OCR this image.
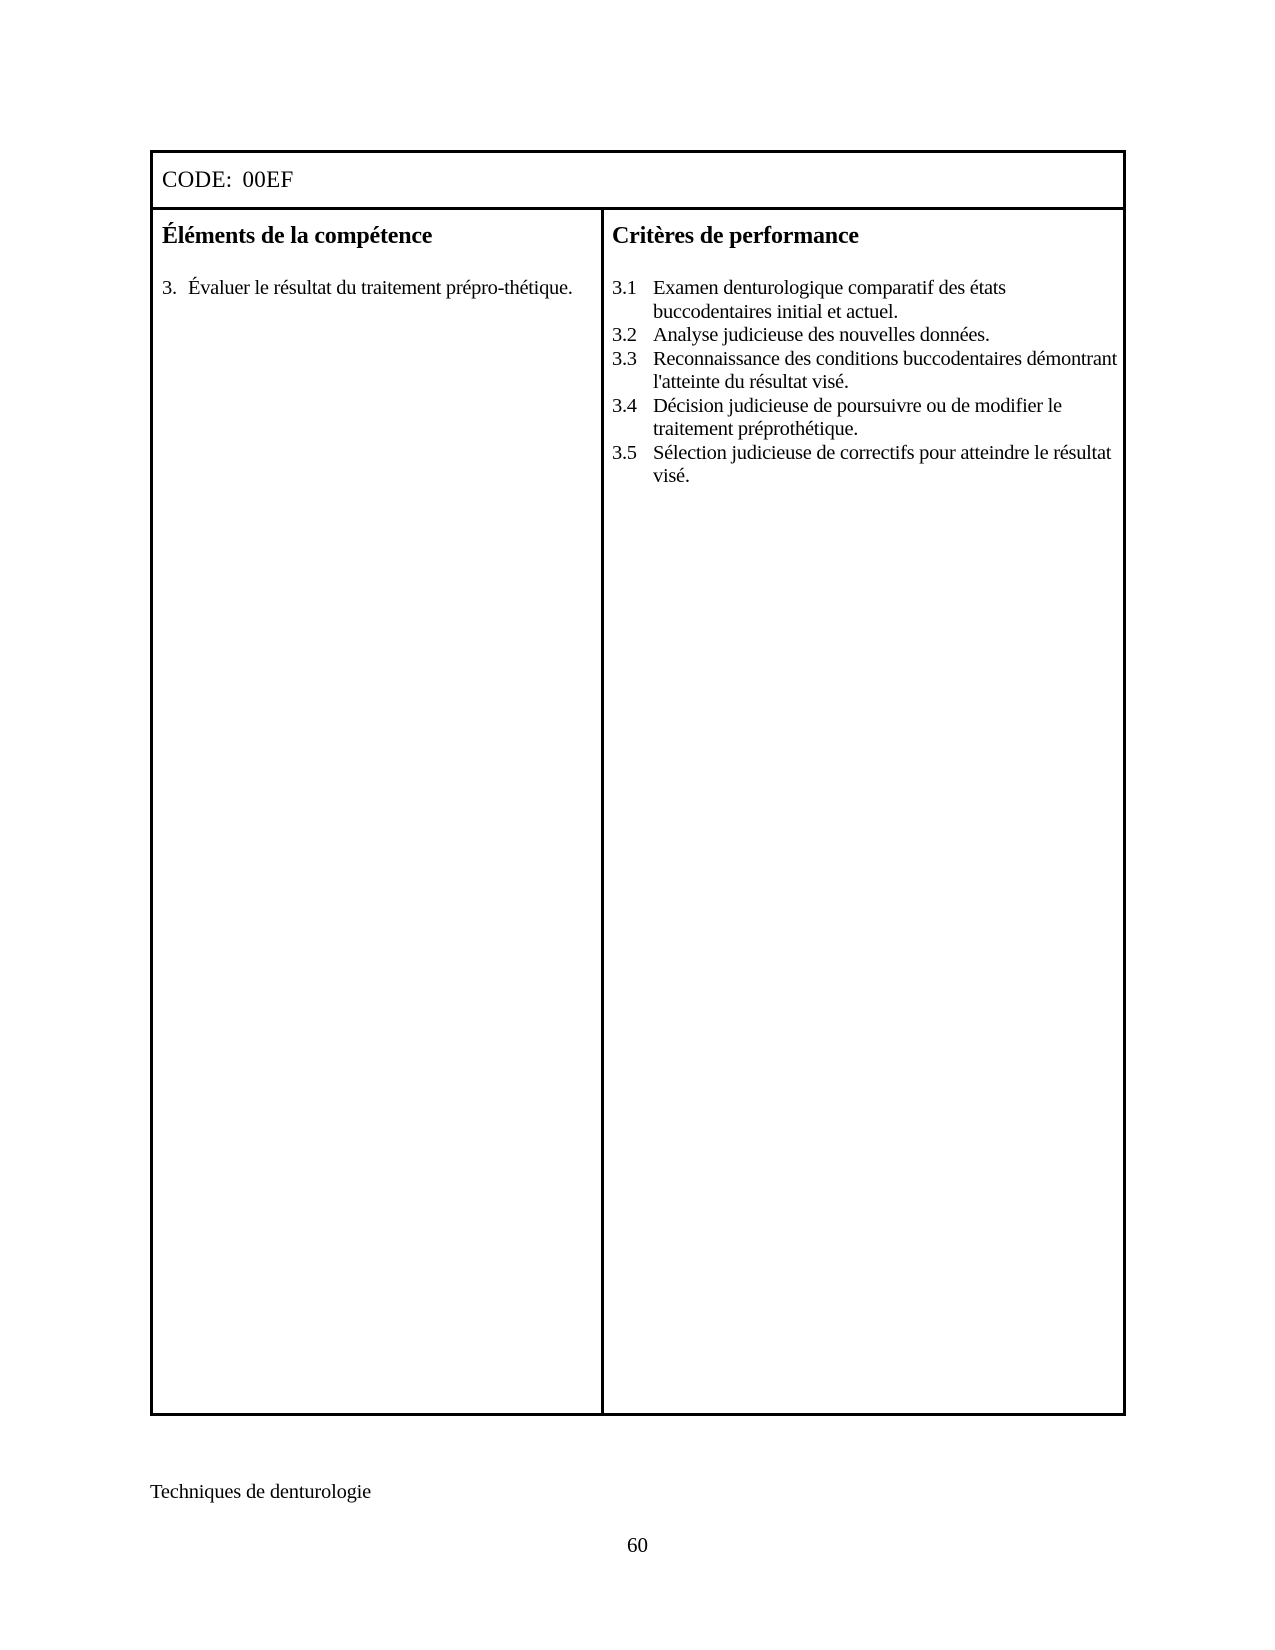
CODE: 00EF
Éléments de la compétence
3. Évaluer le résultat du traitement prépro-thétique.
Critères de performance
3.1 Examen denturologique comparatif des états buccodentaires initial et actuel.
3.2 Analyse judicieuse des nouvelles données.
3.3 Reconnaissance des conditions buccodentaires démontrant l'atteinte du résultat visé.
3.4 Décision judicieuse de poursuivre ou de modifier le traitement préprothétique.
3.5 Sélection judicieuse de correctifs pour atteindre le résultat visé.
Techniques de denturologie
60
